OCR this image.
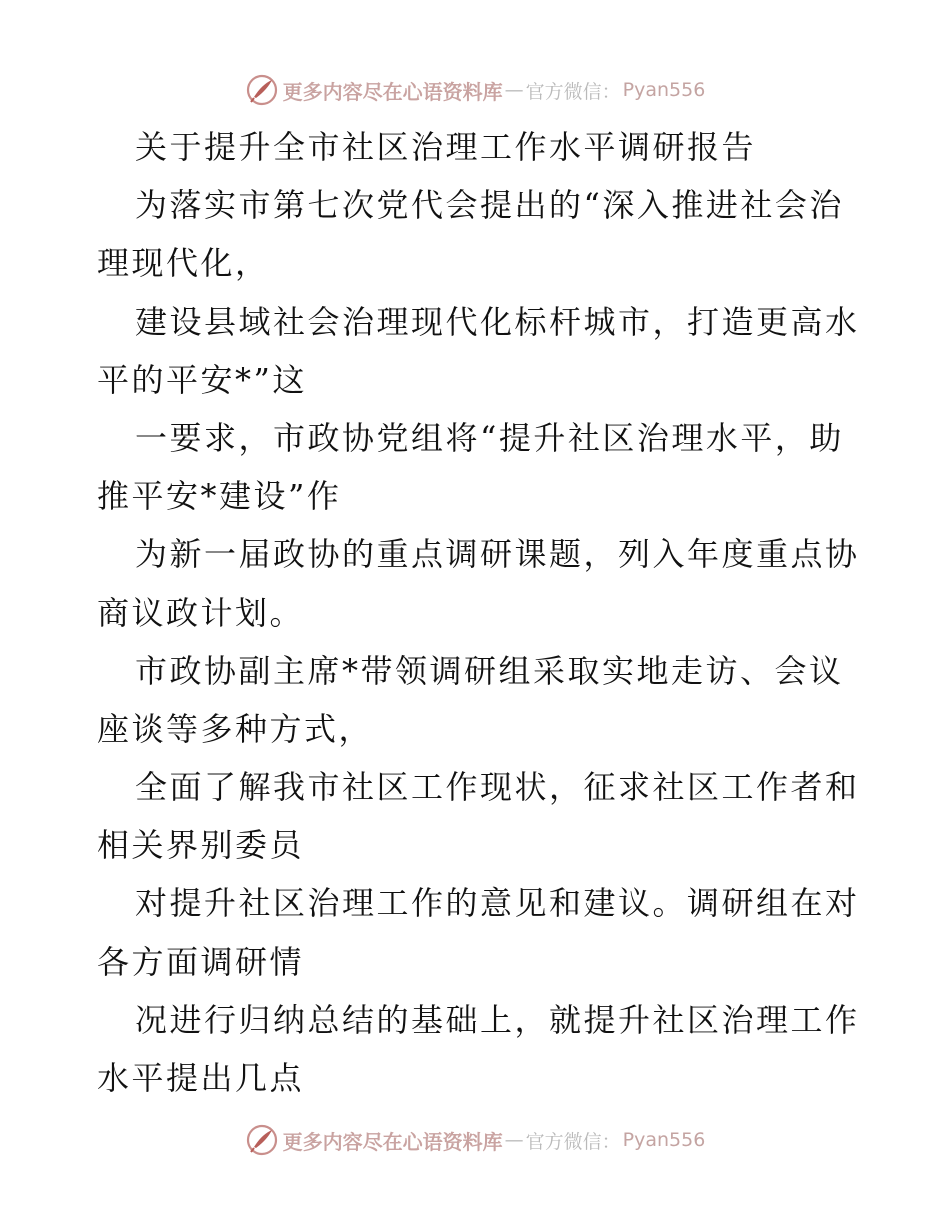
更多内容尽在心语资料库 — 官方微信： Pyan556
关于提升全市社区治理工作水平调研报告
为落实市第七次党代会提出的“深入推进社会治
理现代化，
建设县域社会治理现代化标杆城市，打造更高水
平的平安*”这
一要求，市政协党组将“提升社区治理水平，助
推平安*建设”作
为新一届政协的重点调研课题，列入年度重点协
商议政计划。
市政协副主席*带领调研组采取实地走访、会议
座谈等多种方式，
全面了解我市社区工作现状，征求社区工作者和
相关界别委员
对提升社区治理工作的意见和建议。调研组在对
各方面调研情
况进行归纳总结的基础上，就提升社区治理工作
水平提出几点
更多内容尽在心语资料库 — 官方微信： Pyan556
